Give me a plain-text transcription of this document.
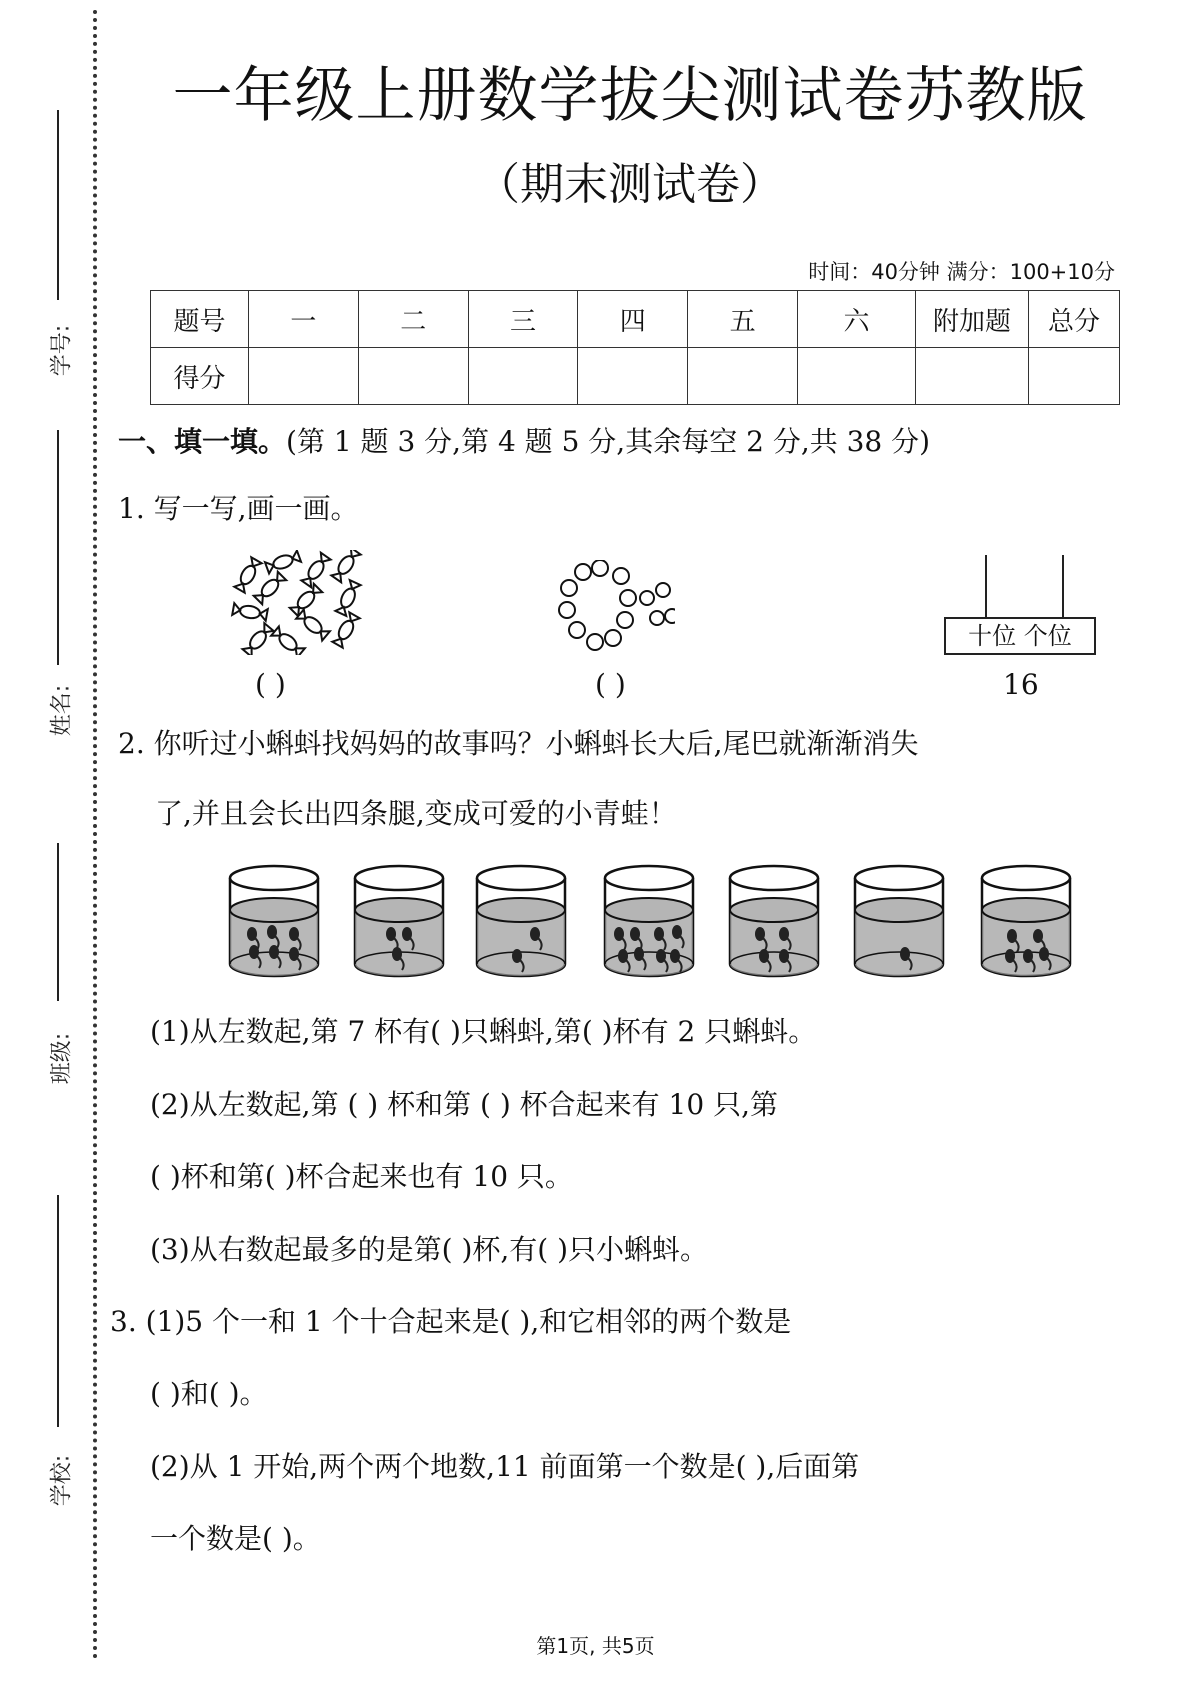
学号:
姓名:
班级:
学校:
一年级上册数学拔尖测试卷苏教版
（期末测试卷）
时间：40分钟 满分：100+10分
题号	一	二	三	四	五	六	附加题	总分
得分								
一、填一填。(第 1 题 3 分,第 4 题 5 分,其余每空 2 分,共 38 分)
1. 写一写,画一画。
( )	( )
十位 个位
16
2. 你听过小蝌蚪找妈妈的故事吗？小蝌蚪长大后,尾巴就渐渐消失
了,并且会长出四条腿,变成可爱的小青蛙！
(1)从左数起,第 7 杯有( )只蝌蚪,第( )杯有 2 只蝌蚪。
(2)从左数起,第 ( ) 杯和第 ( ) 杯合起来有 10 只,第
( )杯和第( )杯合起来也有 10 只。
(3)从右数起最多的是第( )杯,有( )只小蝌蚪。
3. (1)5 个一和 1 个十合起来是( ),和它相邻的两个数是
( )和( )。
(2)从 1 开始,两个两个地数,11 前面第一个数是( ),后面第
一个数是( )。
第1页, 共5页
